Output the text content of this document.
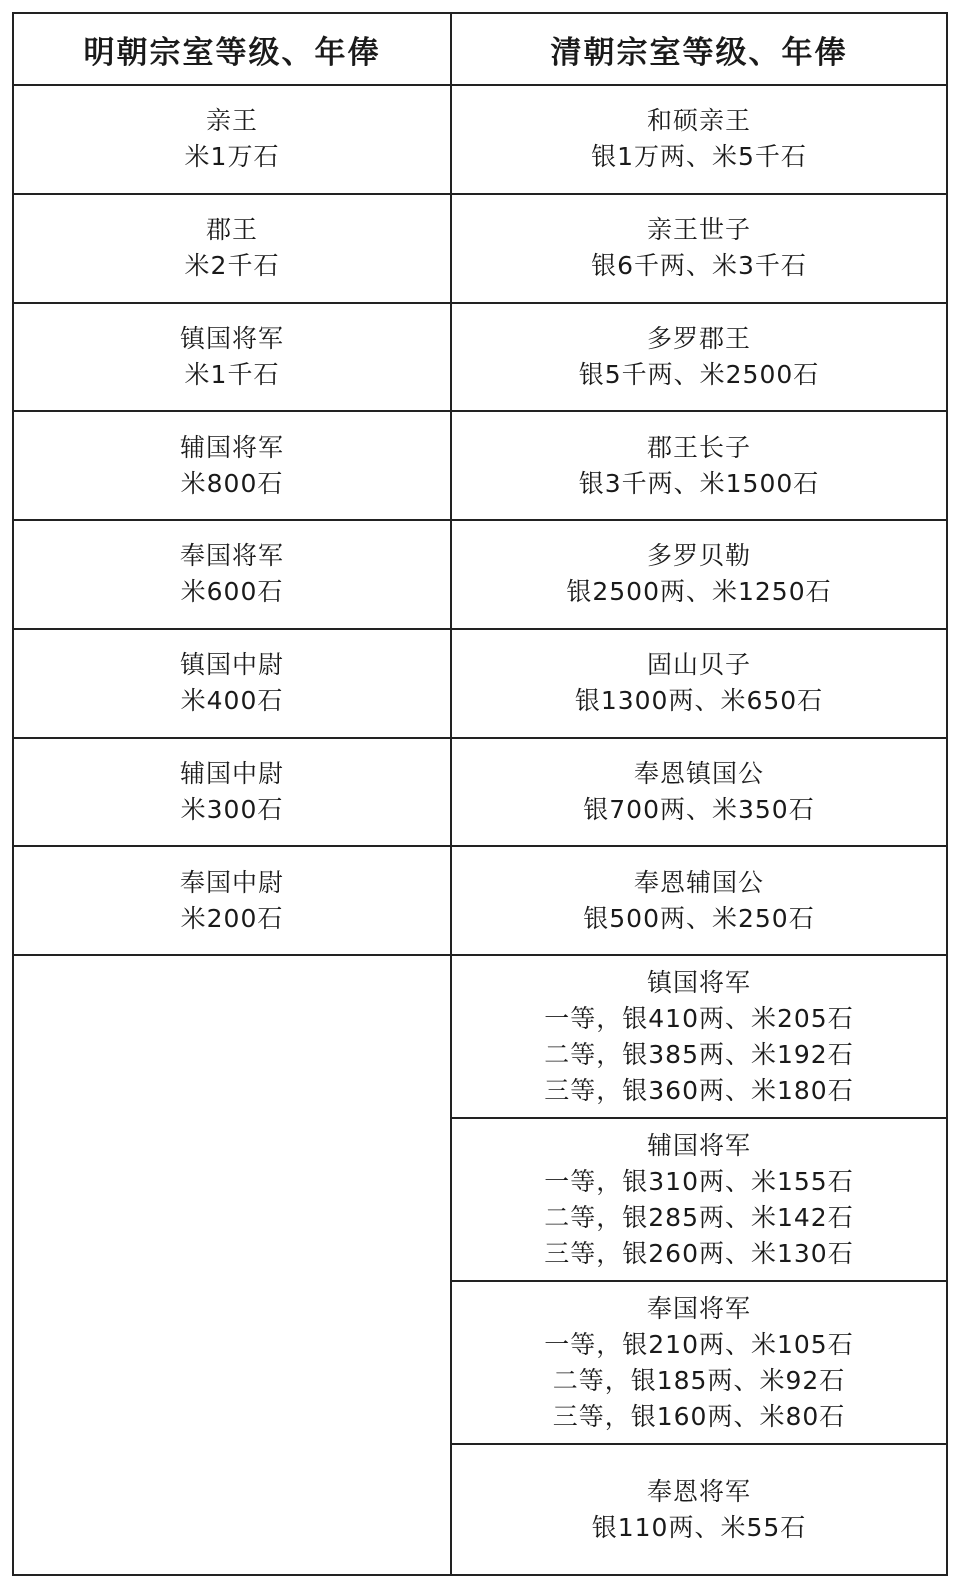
明朝宗室等级、年俸
亲王
米1万石
郡王
米2千石
镇国将军
米1千石
辅国将军
米800石
奉国将军
米600石
镇国中尉
米400石
辅国中尉
米300石
奉国中尉
米200石
清朝宗室等级、年俸
和硕亲王
银1万两、米5千石
亲王世子
银6千两、米3千石
多罗郡王
银5千两、米2500石
郡王长子
银3千两、米1500石
多罗贝勒
银2500两、米1250石
固山贝子
银1300两、米650石
奉恩镇国公
银700两、米350石
奉恩辅国公
银500两、米250石
镇国将军
一等，银410两、米205石
二等，银385两、米192石
三等，银360两、米180石
辅国将军
一等，银310两、米155石
二等，银285两、米142石
三等，银260两、米130石
奉国将军
一等，银210两、米105石
二等，银185两、米92石
三等，银160两、米80石
奉恩将军
银110两、米55石
